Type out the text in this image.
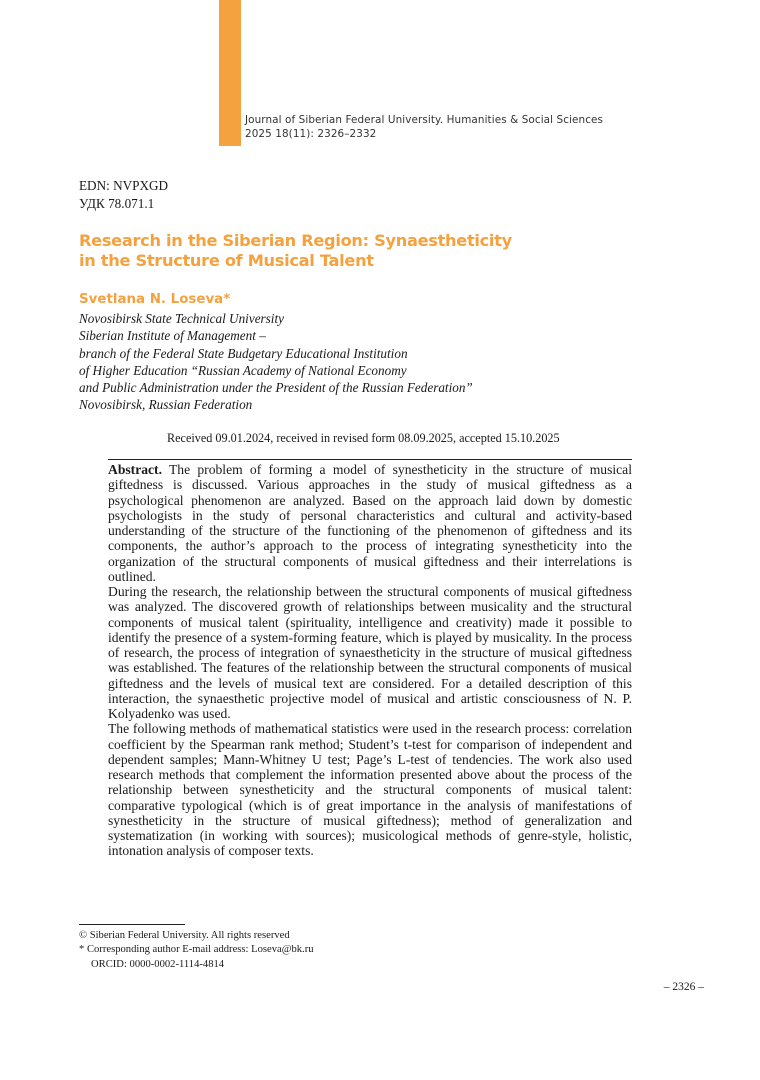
Journal of Siberian Federal University. Humanities & Social Sciences
2025 18(11): 2326–2332
EDN: NVPXGD
УДК 78.071.1
Research in the Siberian Region: Synaestheticity
in the Structure of Musical Talent
Svetlana N. Loseva*
Novosibirsk State Technical University
Siberian Institute of Management –
branch of the Federal State Budgetary Educational Institution
of Higher Education “Russian Academy of National Economy
and Public Administration under the President of the Russian Federation”
Novosibirsk, Russian Federation
Received 09.01.2024, received in revised form 08.09.2025, accepted 15.10.2025

Abstract. The problem of forming a model of synestheticity in the structure of musical giftedness is discussed. Various approaches in the study of musical giftedness as a psychological phenomenon are analyzed. Based on the approach laid down by domestic psychologists in the study of personal characteristics and cultural and activity-based understanding of the structure of the functioning of the phenomenon of giftedness and its components, the author’s approach to the process of integrating synestheticity into the organization of the structural components of musical giftedness and their interrelations is outlined.

During the research, the relationship between the structural components of musical giftedness was analyzed. The discovered growth of relationships between musicality and the structural components of musical talent (spirituality, intelligence and creativity) made it possible to identify the presence of a system-forming feature, which is played by musicality. In the process of research, the process of integration of synaestheticity in the structure of musical giftedness was established. The features of the relationship between the structural components of musical giftedness and the levels of musical text are considered. For a detailed description of this interaction, the synaesthetic projective model of musical and artistic consciousness of N. P. Kolyadenko was used.

The following methods of mathematical statistics were used in the research process: correlation coefficient by the Spearman rank method; Student’s t-test for comparison of independent and dependent samples; Mann-Whitney U test; Page’s L-test of tendencies. The work also used research methods that complement the information presented above about the process of the relationship between synestheticity and the structural components of musical talent: comparative typological (which is of great importance in the analysis of manifestations of synestheticity in the structure of musical giftedness); method of generalization and systematization (in working with sources); musicological methods of genre-style, holistic, intonation analysis of composer texts.

© Siberian Federal University. All rights reserved
* Corresponding author E-mail address: Loseva@bk.ru
ORCID: 0000-0002-1114-4814
– 2326 –
